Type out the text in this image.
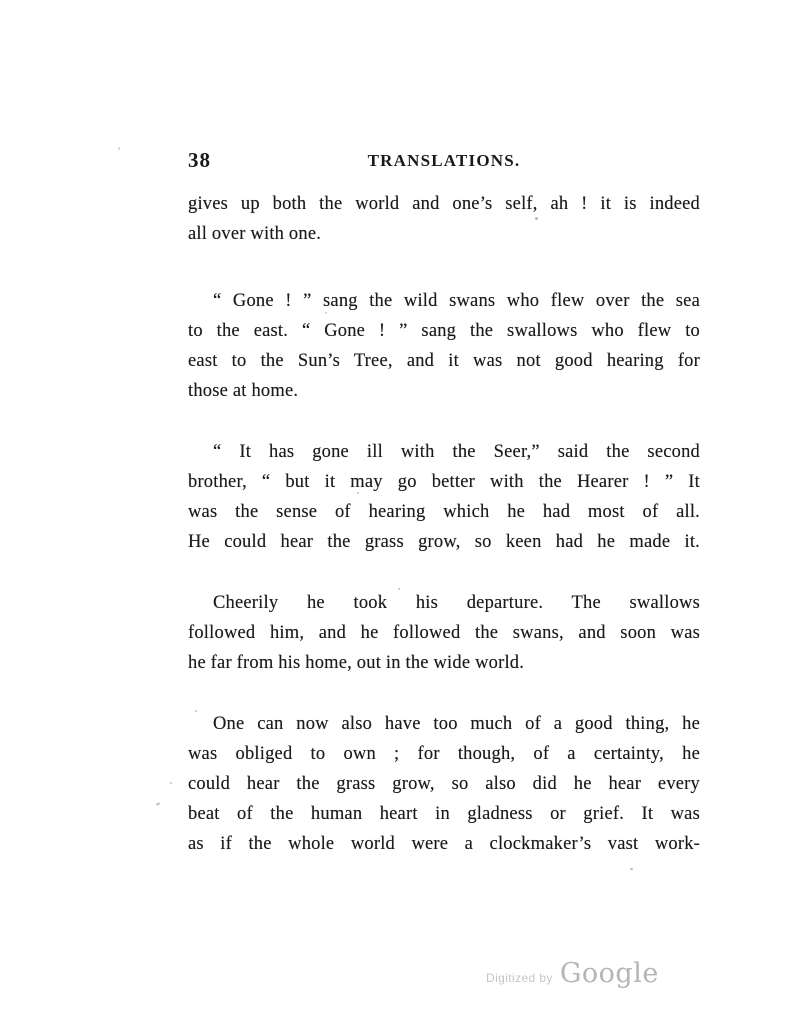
38	TRANSLATIONS.

gives up both the world and one’s self, ah ! it is indeed
all over with one.

“ Gone ! ” sang the wild swans who flew over the sea
to the east. “ Gone ! ” sang the swallows who flew to
east to the Sun’s Tree, and it was not good hearing for
those at home.

“ It has gone ill with the Seer,” said the second
brother, “ but it may go better with the Hearer ! ” It
was the sense of hearing which he had most of all.
He could hear the grass grow, so keen had he made it.

Cheerily he took his departure. The swallows
followed him, and he followed the swans, and soon was
he far from his home, out in the wide world.

One can now also have too much of a good thing, he
was obliged to own ; for though, of a certainty, he
could hear the grass grow, so also did he hear every
beat of the human heart in gladness or grief. It was
as if the whole world were a clockmaker’s vast work-

Digitized by Google
